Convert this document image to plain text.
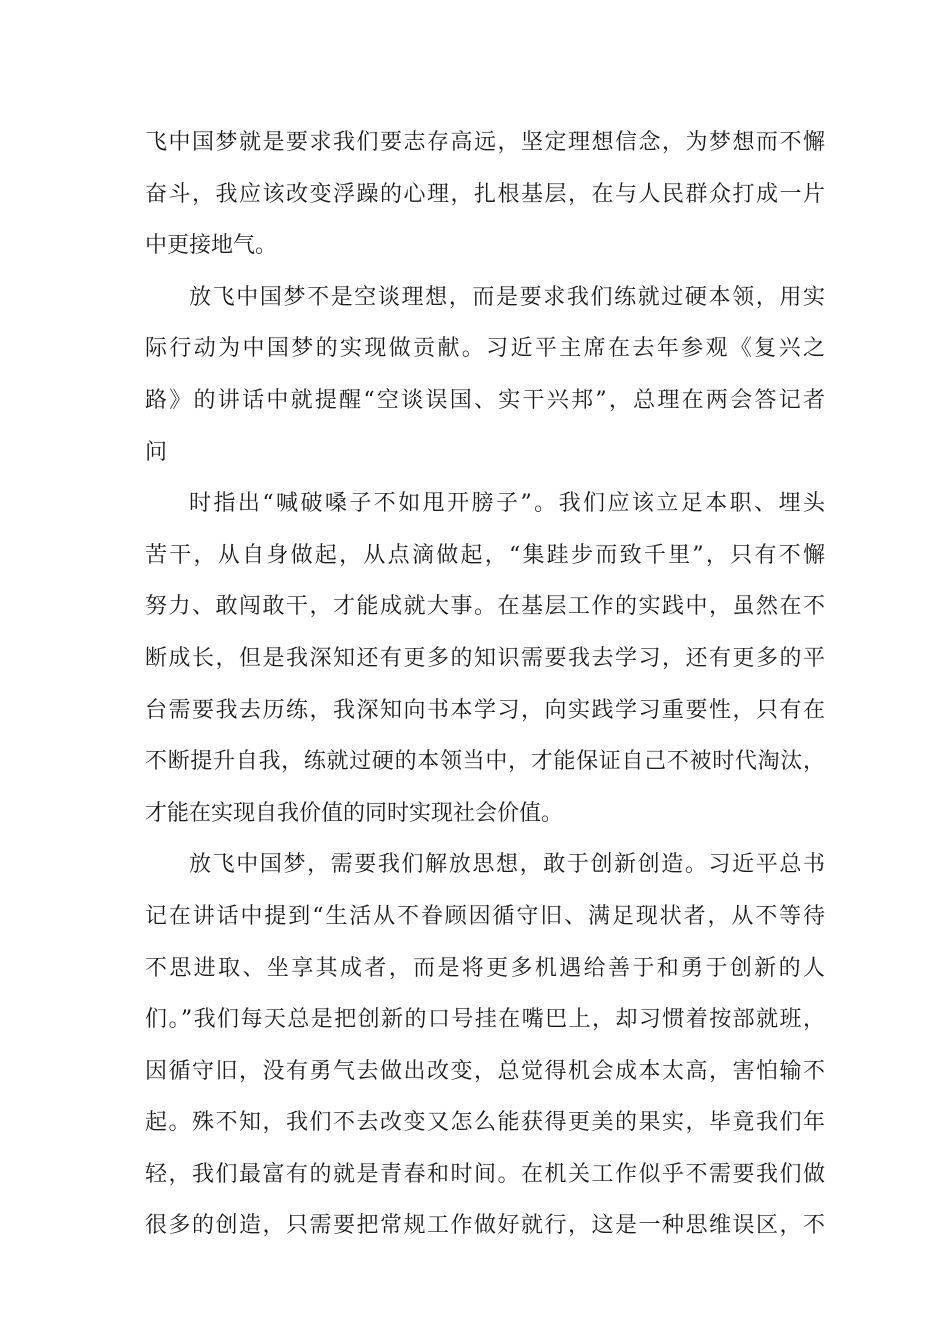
飞中国梦就是要求我们要志存高远，坚定理想信念，为梦想而不懈
奋斗，我应该改变浮躁的心理，扎根基层，在与人民群众打成一片
中更接地气。
放飞中国梦不是空谈理想，而是要求我们练就过硬本领，用实
际行动为中国梦的实现做贡献。习近平主席在去年参观《复兴之
路》的讲话中就提醒“空谈误国、实干兴邦”，总理在两会答记者
问
时指出“喊破嗓子不如甩开膀子”。我们应该立足本职、埋头
苦干，从自身做起，从点滴做起，“集跬步而致千里”，只有不懈
努力、敢闯敢干，才能成就大事。在基层工作的实践中，虽然在不
断成长，但是我深知还有更多的知识需要我去学习，还有更多的平
台需要我去历练，我深知向书本学习，向实践学习重要性，只有在
不断提升自我，练就过硬的本领当中，才能保证自己不被时代淘汰，
才能在实现自我价值的同时实现社会价值。
放飞中国梦，需要我们解放思想，敢于创新创造。习近平总书
记在讲话中提到“生活从不眷顾因循守旧、满足现状者，从不等待
不思进取、坐享其成者，而是将更多机遇给善于和勇于创新的人
们。”我们每天总是把创新的口号挂在嘴巴上，却习惯着按部就班，
因循守旧，没有勇气去做出改变，总觉得机会成本太高，害怕输不
起。殊不知，我们不去改变又怎么能获得更美的果实，毕竟我们年
轻，我们最富有的就是青春和时间。在机关工作似乎不需要我们做
很多的创造，只需要把常规工作做好就行，这是一种思维误区，不
